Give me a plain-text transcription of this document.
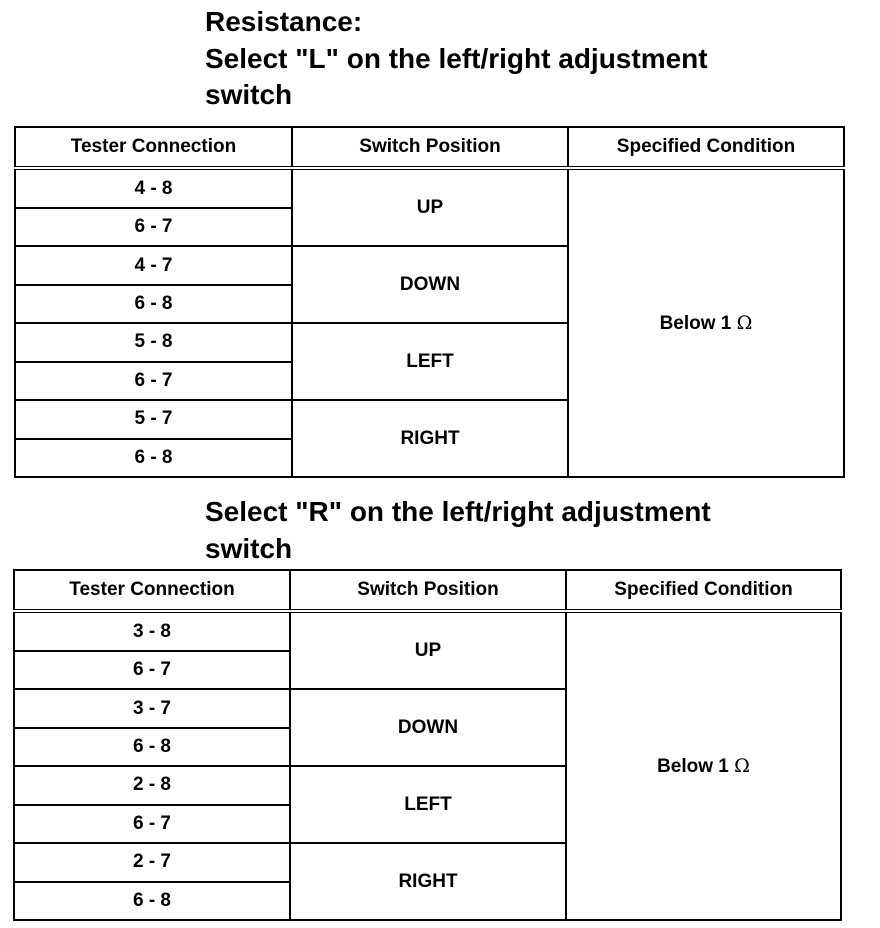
Resistance:
Select "L" on the left/right adjustment
switch
Tester Connection	Switch Position	Specified Condition
4 - 8	UP	Below 1 Ω
6 - 7		
4 - 7	DOWN	
6 - 8		
5 - 8	LEFT	
6 - 7		
5 - 7	RIGHT	
6 - 8		
Select "R" on the left/right adjustment
switch
Tester Connection	Switch Position	Specified Condition
3 - 8	UP	Below 1 Ω
6 - 7		
3 - 7	DOWN	
6 - 8		
2 - 8	LEFT	
6 - 7		
2 - 7	RIGHT	
6 - 8		
